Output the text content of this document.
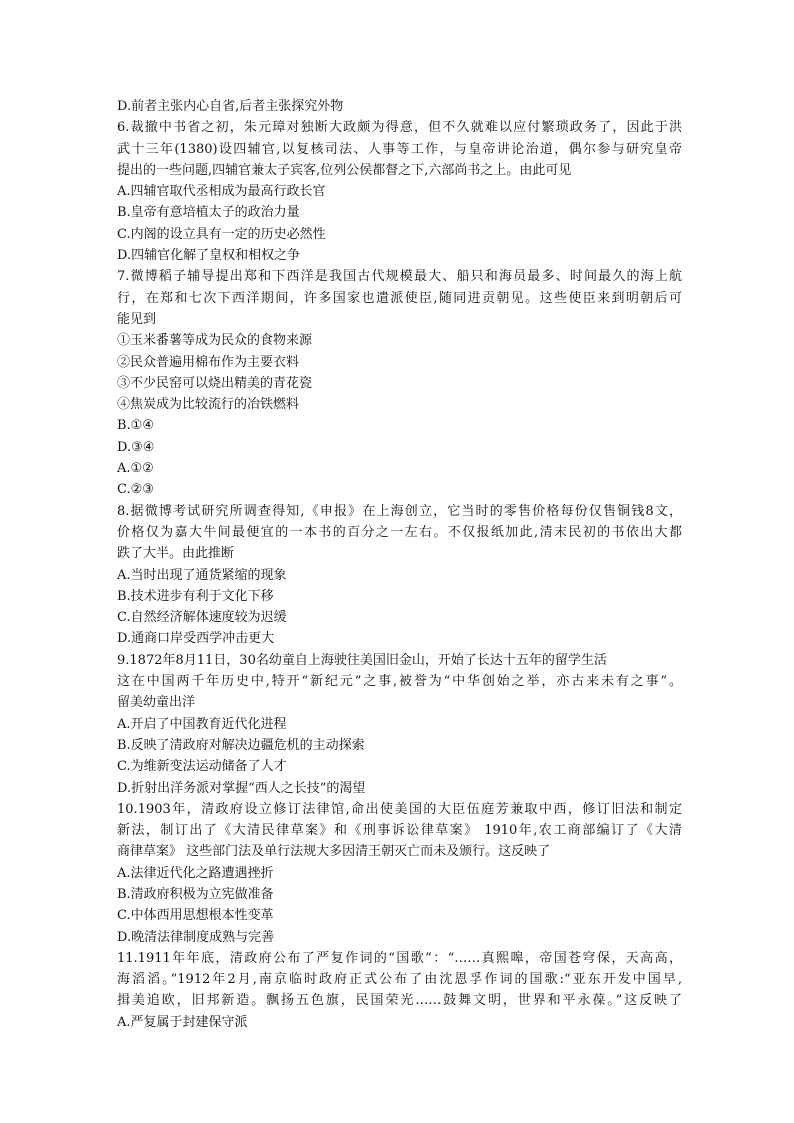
D.前者主张内心自省,后者主张探究外物
6.裁撤中书省之初，朱元璋对独断大政颇为得意，但不久就难以应付繁琐政务了，因此于洪
武十三年(1380)设四辅官,以复核司法、人事等工作，与皇帝讲论治道，偶尔参与研究皇帝
提出的一些问题,四辅官兼太子宾客,位列公侯都督之下,六部尚书之上。由此可见
A.四辅官取代丞相成为最高行政长官
B.皇帝有意培植太子的政治力量
C.内阁的设立具有一定的历史必然性
D.四辅官化解了皇权和相权之争
7.微博稻子辅导提出郑和下西洋是我国古代规模最大、船只和海员最多、时间最久的海上航
行，在郑和七次下西洋期间，许多国家也遣派使臣,随同进贡朝见。这些使臣来到明朝后可
能见到
①玉米番薯等成为民众的食物来源
②民众普遍用棉布作为主要衣料
③不少民窑可以烧出精美的青花瓷
④焦炭成为比较流行的冶铁燃料
B.①④
D.③④
A.①②
C.②③
8.据微博考试研究所调查得知,《申报》在上海创立，它当时的零售价格每份仅售铜钱8文，
价格仅为嘉大牛间最便宜的一本书的百分之一左右。不仅报纸加此,清末民初的书依出大都
跌了大半。由此推断
A.当时出现了通货紧缩的现象
B.技术进步有利于文化下移
C.自然经济解体速度较为迟缓
D.通商口岸受西学冲击更大
9.1872年8月11日，30名幼童自上海驶往美国旧金山，开始了长达十五年的留学生活
这在中国两千年历史中,特开“新纪元”之事,被誉为“中华创始之举，亦古来未有之事”。
留美幼童出洋
A.开启了中国教育近代化进程
B.反映了清政府对解决边疆危机的主动探索
C.为维新变法运动储备了人才
D.折射出洋务派对掌握“西人之长技”的渴望
10.1903年，清政府设立修订法律馆,命出使美国的大臣伍庭芳兼取中西，修订旧法和制定
新法，制订出了《大清民律草案》和《刑事诉讼律草案》 1910年,农工商部编订了《大清
商律草案》 这些部门法及单行法规大多因清王朝灭亡而未及颁行。这反映了
A.法律近代化之路遭遇挫折
B.清政府积极为立宪做准备
C.中体西用思想根本性变革
D.晚清法律制度成熟与完善
11.1911年年底，清政府公布了严复作词的“国歌”：“……真熙嗥，帝国苍穹保，天高高，
海滔滔。”1912年2月,南京临时政府正式公布了由沈恩孚作词的国歌:“亚东开发中国早,
揖美追欧，旧邦新造。飘扬五色旗，民国荣光……鼓舞文明，世界和平永葆。”这反映了
A.严复属于封建保守派
